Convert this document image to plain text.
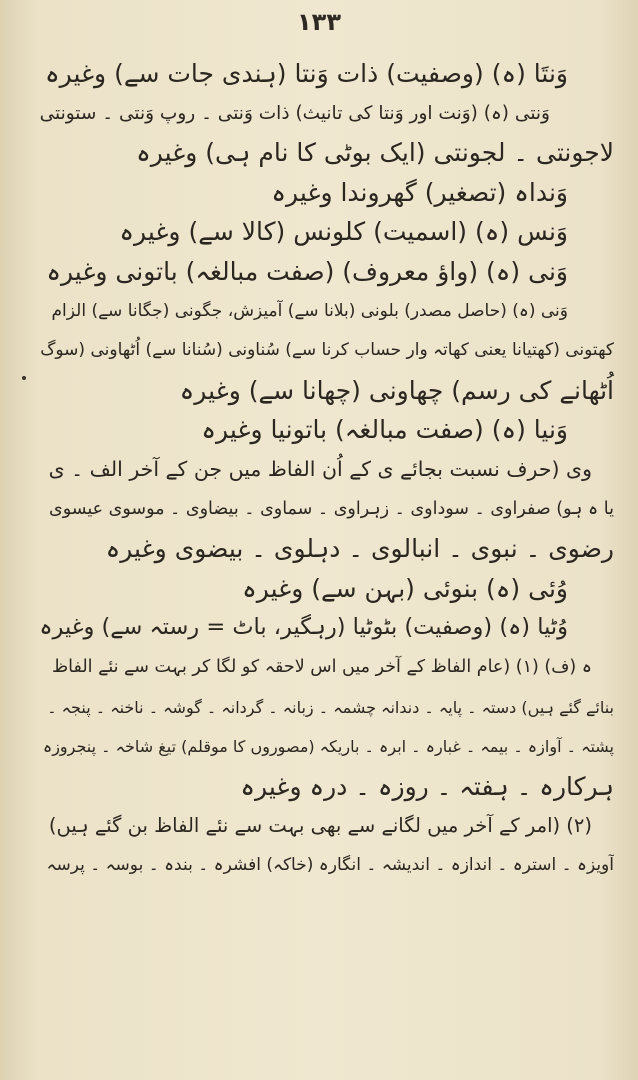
۱۳۳
وَنتَا (ہ) (وصفیت) ذات وَنتا (ہندی جات سے) وغیرہ
وَنتی (ہ) (وَنت اور وَنتا کی تانیث) ذات وَنتی ۔ روپ وَنتی ۔ ستونتی
لاجونتی ۔ لجونتی (ایک بوٹی کا نام ہی) وغیرہ
وَنداہ (تصغیر) گھروندا وغیرہ
وَنس (ہ) (اسمیت) کلونس (کالا سے) وغیرہ
وَنی (ہ) (واؤ معروف) (صفت مبالغہ) باتونی وغیرہ
وَنی (ہ) (حاصل مصدر) بلونی (بلانا سے) آمیزش، جگونی (جگانا سے) الزام
کھتونی (کھتیانا یعنی کھاتہ وار حساب کرنا سے) سُناونی (سُنانا سے) اُٹھاونی (سوگ
اُٹھانے کی رسم) چھاونی (چھانا سے) وغیرہ
وَنیا (ہ) (صفت مبالغہ) باتونیا وغیرہ
وی (حرف نسبت بجائے ی کے اُن الفاظ میں جن کے آخر الف ۔ ی
یا ہ ہو) صفراوی ۔ سوداوی ۔ زہراوی ۔ سماوی ۔ بیضاوی ۔ موسوی عیسوی
رضوی ۔ نبوی ۔ انبالوی ۔ دہلوی ۔ بیضوی وغیرہ
وُئی (ہ) بنوئی (بہن سے) وغیرہ
وُٹیا (ہ) (وصفیت) بٹوٹیا (رہگیر، باٹ = رستہ سے) وغیرہ
ہ (ف) (۱) (عام الفاظ کے آخر میں اس لاحقہ کو لگا کر بہت سے نئے الفاظ
بنائے گئے ہیں) دستہ ۔ پایہ ۔ دندانہ چشمہ ۔ زبانہ ۔ گردانہ ۔ گوشہ ۔ ناخنہ ۔ پنجہ ۔
پشتہ ۔ آوازہ ۔ بیمہ ۔ غبارہ ۔ ابرہ ۔ باریکہ (مصوروں کا موقلم) تیغ شاخہ ۔ پنجروزہ
ہرکارہ ۔ ہفتہ ۔ روزہ ۔ درہ وغیرہ
(۲) (امر کے آخر میں لگانے سے بھی بہت سے نئے الفاظ بن گئے ہیں)
آویزہ ۔ استرہ ۔ اندازہ ۔ اندیشہ ۔ انگارہ (خاکہ) افشرہ ۔ بندہ ۔ بوسہ ۔ پرسہ
